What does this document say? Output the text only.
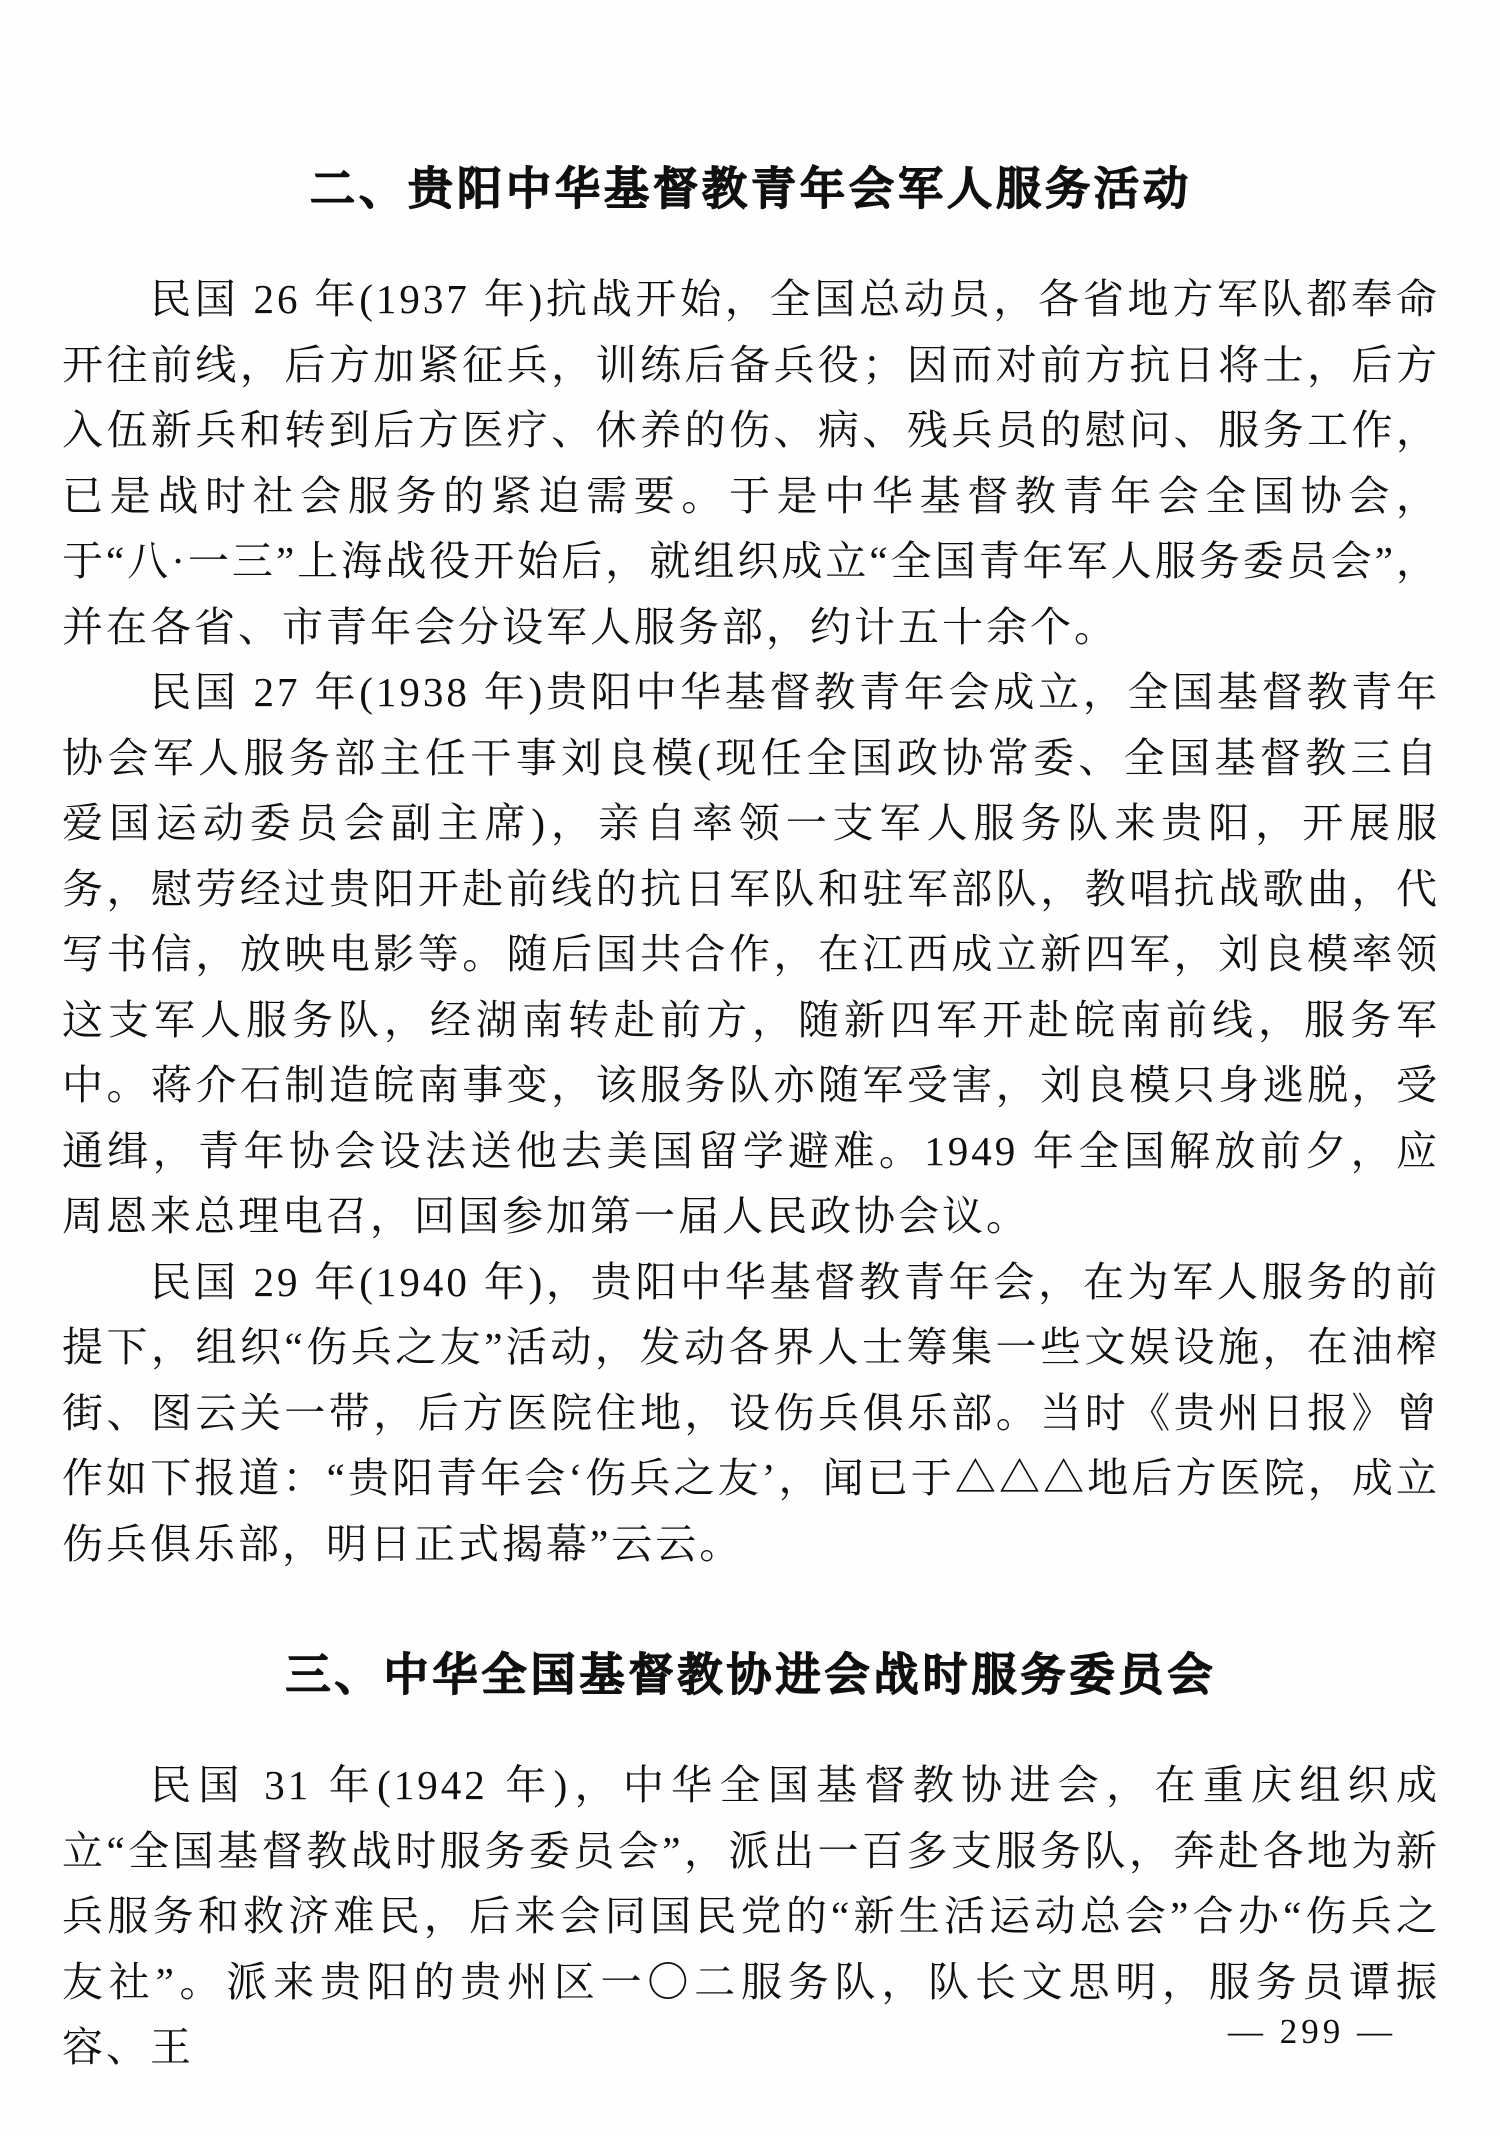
二、贵阳中华基督教青年会军人服务活动

民国 26 年(1937 年)抗战开始，全国总动员，各省地方军队都奉命开往前线，后方加紧征兵，训练后备兵役；因而对前方抗日将士，后方入伍新兵和转到后方医疗、休养的伤、病、残兵员的慰问、服务工作，已是战时社会服务的紧迫需要。于是中华基督教青年会全国协会，于“八·一三”上海战役开始后，就组织成立“全国青年军人服务委员会”，并在各省、市青年会分设军人服务部，约计五十余个。

民国 27 年(1938 年)贵阳中华基督教青年会成立，全国基督教青年协会军人服务部主任干事刘良模(现任全国政协常委、全国基督教三自爱国运动委员会副主席)，亲自率领一支军人服务队来贵阳，开展服务，慰劳经过贵阳开赴前线的抗日军队和驻军部队，教唱抗战歌曲，代写书信，放映电影等。随后国共合作，在江西成立新四军，刘良模率领这支军人服务队，经湖南转赴前方，随新四军开赴皖南前线，服务军中。蒋介石制造皖南事变，该服务队亦随军受害，刘良模只身逃脱，受通缉，青年协会设法送他去美国留学避难。1949 年全国解放前夕，应周恩来总理电召，回国参加第一届人民政协会议。

民国 29 年(1940 年)，贵阳中华基督教青年会，在为军人服务的前提下，组织“伤兵之友”活动，发动各界人士筹集一些文娱设施，在油榨街、图云关一带，后方医院住地，设伤兵俱乐部。当时《贵州日报》曾作如下报道：“贵阳青年会‘伤兵之友’，闻已于△△△地后方医院，成立伤兵俱乐部，明日正式揭幕”云云。

三、中华全国基督教协进会战时服务委员会

民国 31 年(1942 年)，中华全国基督教协进会，在重庆组织成立“全国基督教战时服务委员会”，派出一百多支服务队，奔赴各地为新兵服务和救济难民，后来会同国民党的“新生活运动总会”合办“伤兵之友社”。派来贵阳的贵州区一〇二服务队，队长文思明，服务员谭振容、王	— 299 —
